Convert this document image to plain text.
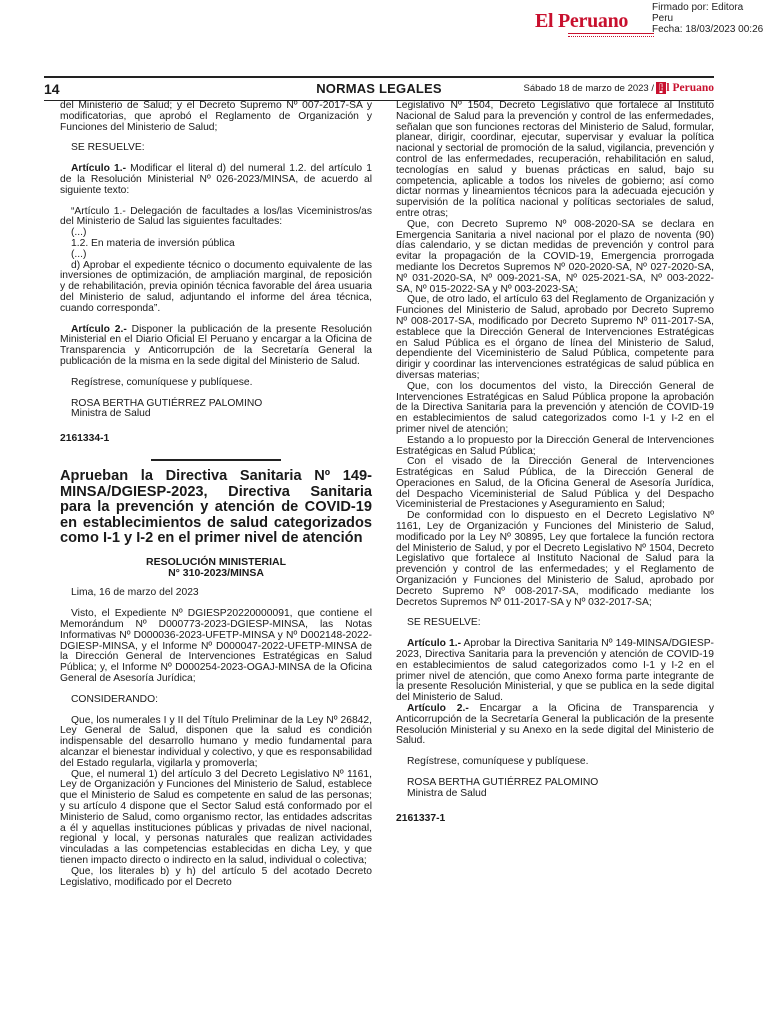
El Peruano
Firmado por: Editora
Peru
Fecha: 18/03/2023 00:26
14	NORMAS LEGALES	Sábado 18 de marzo de 2023 / El Peruano

del Ministerio de Salud; y el Decreto Supremo Nº 007-2017-SA y modificatorias, que aprobó el Reglamento de Organización y Funciones del Ministerio de Salud;

SE RESUELVE:

Artículo 1.- Modificar el literal d) del numeral 1.2. del artículo 1 de la Resolución Ministerial Nº 026-2023/MINSA, de acuerdo al siguiente texto:

“Artículo 1.- Delegación de facultades a los/las Viceministros/as del Ministerio de Salud las siguientes facultades:

(...)

1.2. En materia de inversión pública

(...)

d) Aprobar el expediente técnico o documento equivalente de las inversiones de optimización, de ampliación marginal, de reposición y de rehabilitación, previa opinión técnica favorable del área usuaria del Ministerio de salud, adjuntando el informe del área técnica, cuando corresponda”.

Artículo 2.- Disponer la publicación de la presente Resolución Ministerial en el Diario Oficial El Peruano y encargar a la Oficina de Transparencia y Anticorrupción de la Secretaría General la publicación de la misma en la sede digital del Ministerio de Salud.

Regístrese, comuníquese y publíquese.

ROSA BERTHA GUTIÉRREZ PALOMINO

Ministra de Salud

2161334-1

Aprueban la Directiva Sanitaria Nº 149-MINSA/DGIESP-2023, Directiva Sanitaria para la prevención y atención de COVID-19 en establecimientos de salud categorizados como I-1 y I-2 en el primer nivel de atención

RESOLUCIÓN MINISTERIAL

N° 310-2023/MINSA

Lima, 16 de marzo del 2023

Visto, el Expediente Nº DGIESP20220000091, que contiene el Memorándum Nº D000773-2023-DGIESP-MINSA, las Notas Informativas Nº D000036-2023-UFETP-MINSA y Nº D002148-2022-DGIESP-MINSA, y el Informe Nº D000047-2022-UFETP-MINSA de la Dirección General de Intervenciones Estratégicas en Salud Pública; y, el Informe Nº D000254-2023-OGAJ-MINSA de la Oficina General de Asesoría Jurídica;

CONSIDERANDO:

Que, los numerales I y II del Título Preliminar de la Ley Nº 26842, Ley General de Salud, disponen que la salud es condición indispensable del desarrollo humano y medio fundamental para alcanzar el bienestar individual y colectivo, y que es responsabilidad del Estado regularla, vigilarla y promoverla;

Que, el numeral 1) del artículo 3 del Decreto Legislativo Nº 1161, Ley de Organización y Funciones del Ministerio de Salud, establece que el Ministerio de Salud es competente en salud de las personas; y su artículo 4 dispone que el Sector Salud está conformado por el Ministerio de Salud, como organismo rector, las entidades adscritas a él y aquellas instituciones públicas y privadas de nivel nacional, regional y local, y personas naturales que realizan actividades vinculadas a las competencias establecidas en dicha Ley, y que tienen impacto directo o indirecto en la salud, individual o colectiva;

Que, los literales b) y h) del artículo 5 del acotado Decreto Legislativo, modificado por el Decreto

Legislativo Nº 1504, Decreto Legislativo que fortalece al Instituto Nacional de Salud para la prevención y control de las enfermedades, señalan que son funciones rectoras del Ministerio de Salud, formular, planear, dirigir, coordinar, ejecutar, supervisar y evaluar la política nacional y sectorial de promoción de la salud, vigilancia, prevención y control de las enfermedades, recuperación, rehabilitación en salud, tecnologías en salud y buenas prácticas en salud, bajo su competencia, aplicable a todos los niveles de gobierno; así como dictar normas y lineamientos técnicos para la adecuada ejecución y supervisión de la política nacional y políticas sectoriales de salud, entre otras;

Que, con Decreto Supremo Nº 008-2020-SA se declara en Emergencia Sanitaria a nivel nacional por el plazo de noventa (90) días calendario, y se dictan medidas de prevención y control para evitar la propagación de la COVID-19, Emergencia prorrogada mediante los Decretos Supremos Nº 020-2020-SA, Nº 027-2020-SA, Nº 031-2020-SA, Nº 009-2021-SA, Nº 025-2021-SA, Nº 003-2022-SA, Nº 015-2022-SA y Nº 003-2023-SA;

Que, de otro lado, el artículo 63 del Reglamento de Organización y Funciones del Ministerio de Salud, aprobado por Decreto Supremo Nº 008-2017-SA, modificado por Decreto Supremo Nº 011-2017-SA, establece que la Dirección General de Intervenciones Estratégicas en Salud Pública es el órgano de línea del Ministerio de Salud, dependiente del Viceministerio de Salud Pública, competente para dirigir y coordinar las intervenciones estratégicas de salud pública en diversas materias;

Que, con los documentos del visto, la Dirección General de Intervenciones Estratégicas en Salud Pública propone la aprobación de la Directiva Sanitaria para la prevención y atención de COVID-19 en establecimientos de salud categorizados como I-1 y I-2 en el primer nivel de atención;

Estando a lo propuesto por la Dirección General de Intervenciones Estratégicas en Salud Pública;

Con el visado de la Dirección General de Intervenciones Estratégicas en Salud Pública, de la Dirección General de Operaciones en Salud, de la Oficina General de Asesoría Jurídica, del Despacho Viceministerial de Salud Pública y del Despacho Viceministerial de Prestaciones y Aseguramiento en Salud;

De conformidad con lo dispuesto en el Decreto Legislativo Nº 1161, Ley de Organización y Funciones del Ministerio de Salud, modificado por la Ley Nº 30895, Ley que fortalece la función rectora del Ministerio de Salud, y por el Decreto Legislativo Nº 1504, Decreto Legislativo que fortalece al Instituto Nacional de Salud para la prevención y control de las enfermedades; y el Reglamento de Organización y Funciones del Ministerio de Salud, aprobado por Decreto Supremo Nº 008-2017-SA, modificado mediante los Decretos Supremos Nº 011-2017-SA y Nº 032-2017-SA;

SE RESUELVE:

Artículo 1.- Aprobar la Directiva Sanitaria Nº 149-MINSA/DGIESP-2023, Directiva Sanitaria para la prevención y atención de COVID-19 en establecimientos de salud categorizados como I-1 y I-2 en el primer nivel de atención, que como Anexo forma parte integrante de la presente Resolución Ministerial, y que se publica en la sede digital del Ministerio de Salud.

Artículo 2.- Encargar a la Oficina de Transparencia y Anticorrupción de la Secretaría General la publicación de la presente Resolución Ministerial y su Anexo en la sede digital del Ministerio de Salud.

Regístrese, comuníquese y publíquese.

ROSA BERTHA GUTIÉRREZ PALOMINO

Ministra de Salud

2161337-1
